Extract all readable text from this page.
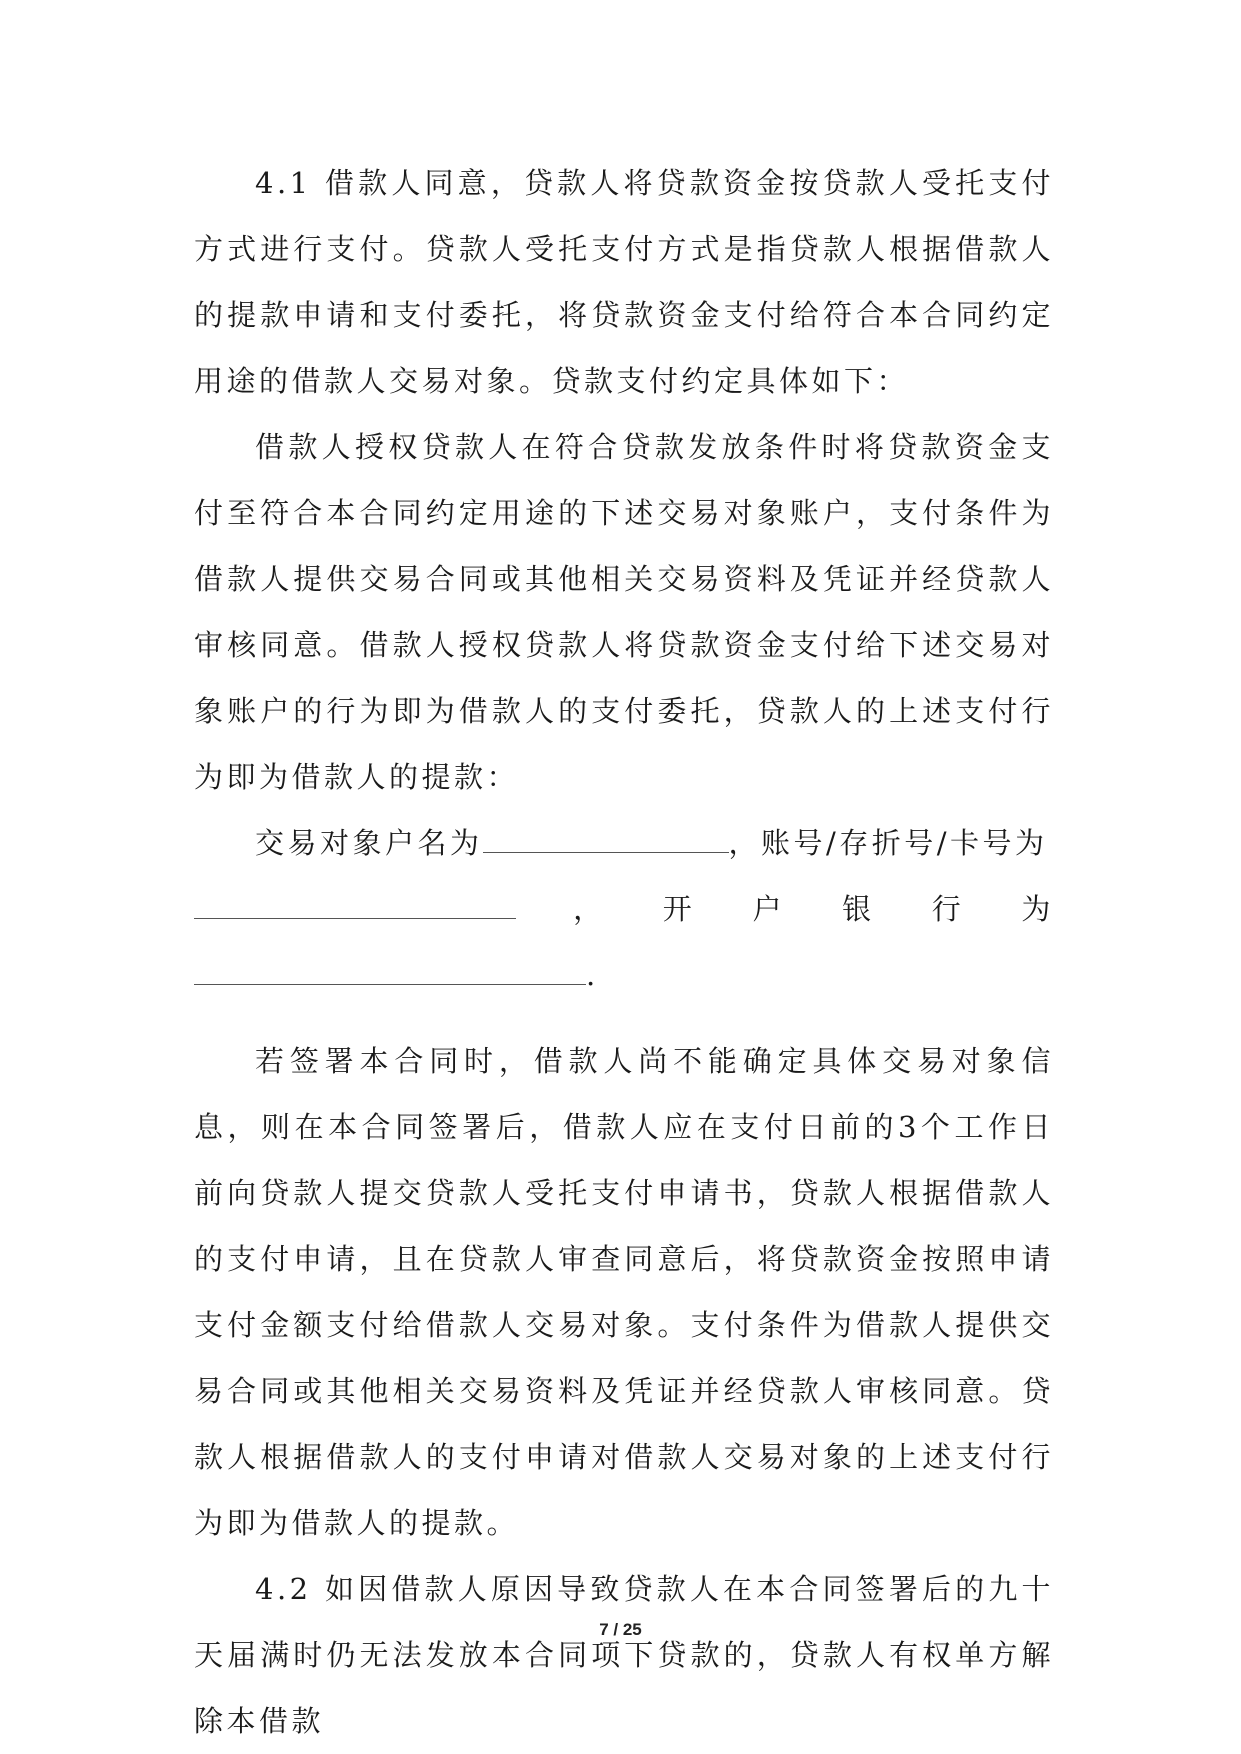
4.1 借款人同意，贷款人将贷款资金按贷款人受托支付方式进行支付。贷款人受托支付方式是指贷款人根据借款人的提款申请和支付委托，将贷款资金支付给符合本合同约定用途的借款人交易对象。贷款支付约定具体如下：

借款人授权贷款人在符合贷款发放条件时将贷款资金支付至符合本合同约定用途的下述交易对象账户，支付条件为借款人提供交易合同或其他相关交易资料及凭证并经贷款人审核同意。借款人授权贷款人将贷款资金支付给下述交易对象账户的行为即为借款人的支付委托，贷款人的上述支付行为即为借款人的提款：

交易对象户名为	，账号/存折号/卡号为

， 开 户 银 行 为

.

若签署本合同时，借款人尚不能确定具体交易对象信息，则在本合同签署后，借款人应在支付日前的3个工作日前向贷款人提交贷款人受托支付申请书，贷款人根据借款人的支付申请，且在贷款人审查同意后，将贷款资金按照申请支付金额支付给借款人交易对象。支付条件为借款人提供交易合同或其他相关交易资料及凭证并经贷款人审核同意。贷款人根据借款人的支付申请对借款人交易对象的上述支付行为即为借款人的提款。

4.2 如因借款人原因导致贷款人在本合同签署后的九十天届满时仍无法发放本合同项下贷款的，贷款人有权单方解除本借款

7 / 25
